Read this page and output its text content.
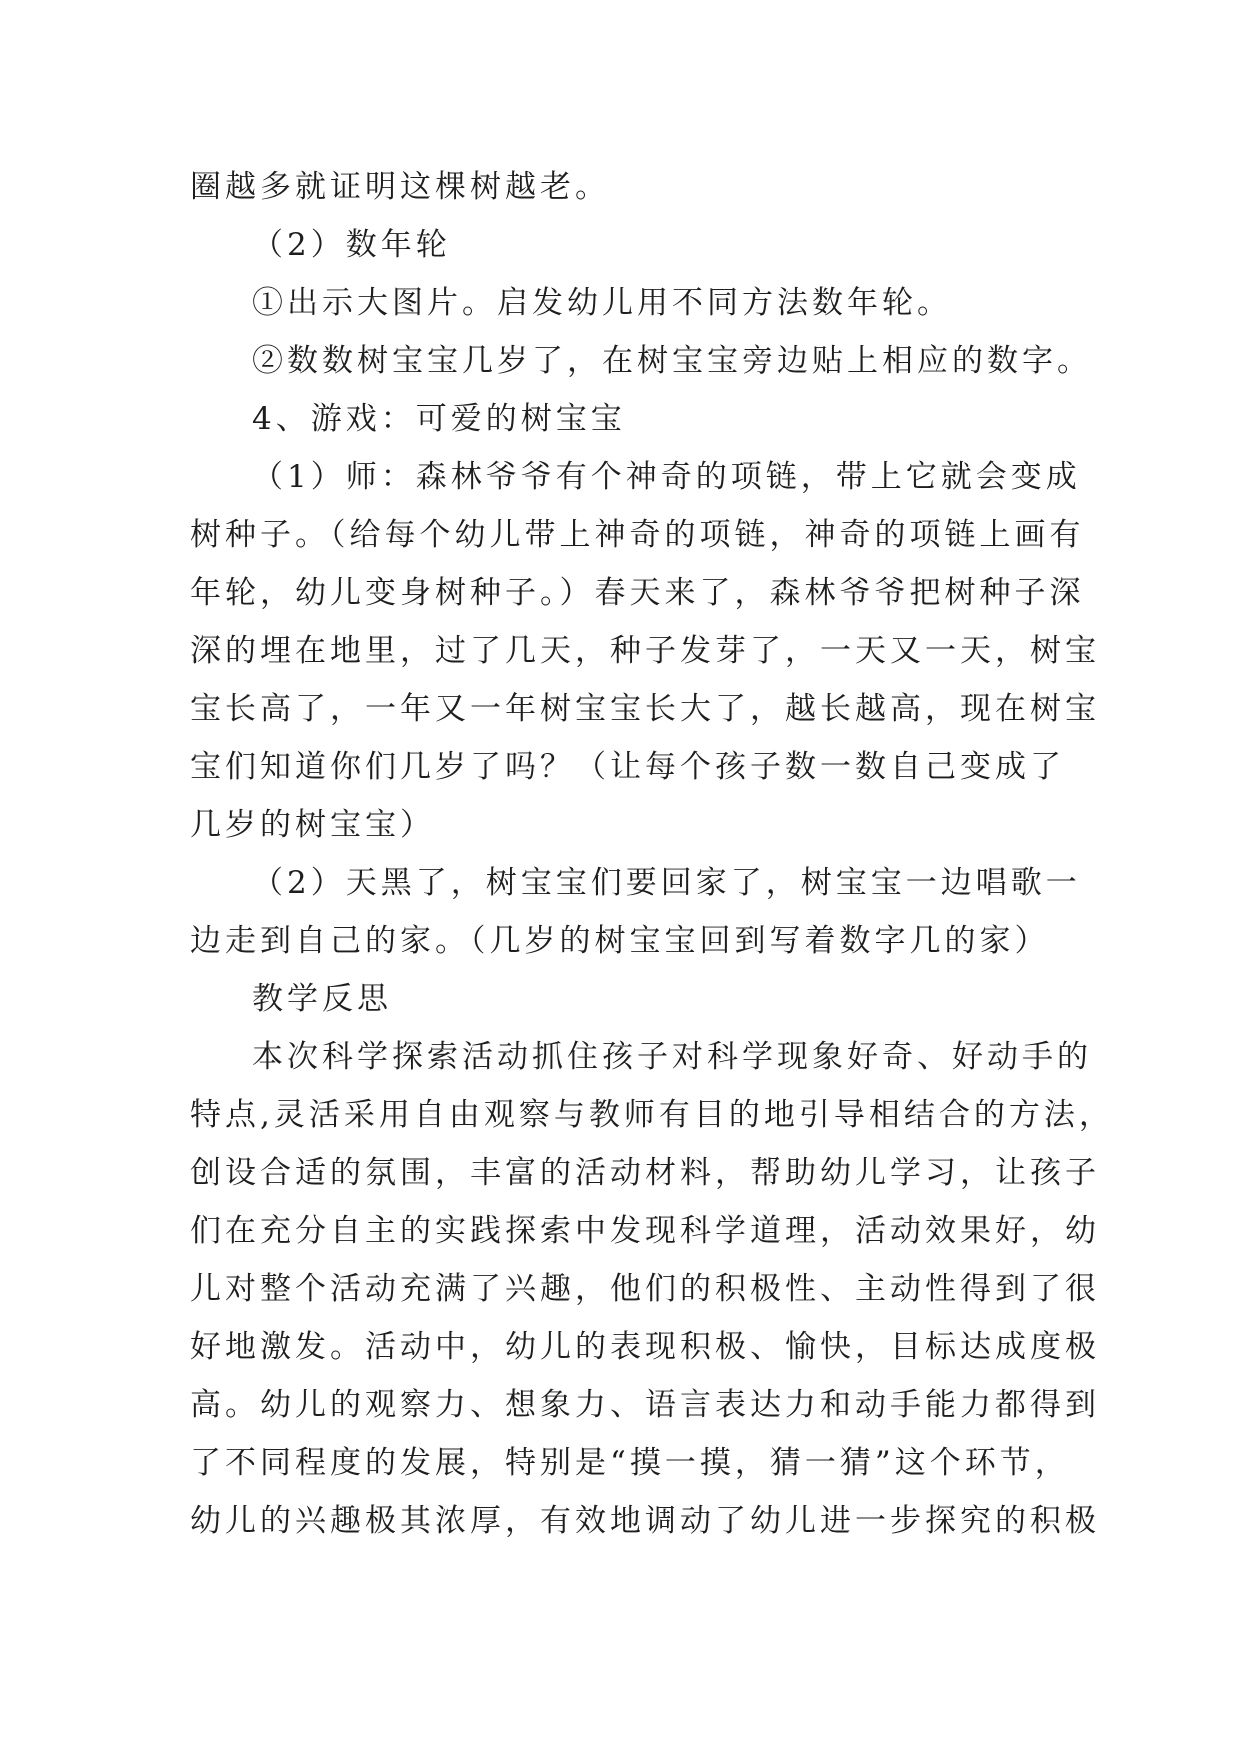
圈越多就证明这棵树越老。
（2）数年轮
①出示大图片。启发幼儿用不同方法数年轮。
②数数树宝宝几岁了，在树宝宝旁边贴上相应的数字。
4、游戏：可爱的树宝宝
（1）师：森林爷爷有个神奇的项链，带上它就会变成
树种子。（给每个幼儿带上神奇的项链，神奇的项链上画有
年轮，幼儿变身树种子。）春天来了，森林爷爷把树种子深
深的埋在地里，过了几天，种子发芽了，一天又一天，树宝
宝长高了，一年又一年树宝宝长大了，越长越高，现在树宝
宝们知道你们几岁了吗？（让每个孩子数一数自己变成了
几岁的树宝宝）
（2）天黑了，树宝宝们要回家了，树宝宝一边唱歌一
边走到自己的家。（几岁的树宝宝回到写着数字几的家）
教学反思
本次科学探索活动抓住孩子对科学现象好奇、好动手的
特点,灵活采用自由观察与教师有目的地引导相结合的方法，
创设合适的氛围，丰富的活动材料，帮助幼儿学习，让孩子
们在充分自主的实践探索中发现科学道理，活动效果好，幼
儿对整个活动充满了兴趣，他们的积极性、主动性得到了很
好地激发。活动中，幼儿的表现积极、愉快，目标达成度极
高。幼儿的观察力、想象力、语言表达力和动手能力都得到
了不同程度的发展，特别是“摸一摸，猜一猜”这个环节，
幼儿的兴趣极其浓厚，有效地调动了幼儿进一步探究的积极
